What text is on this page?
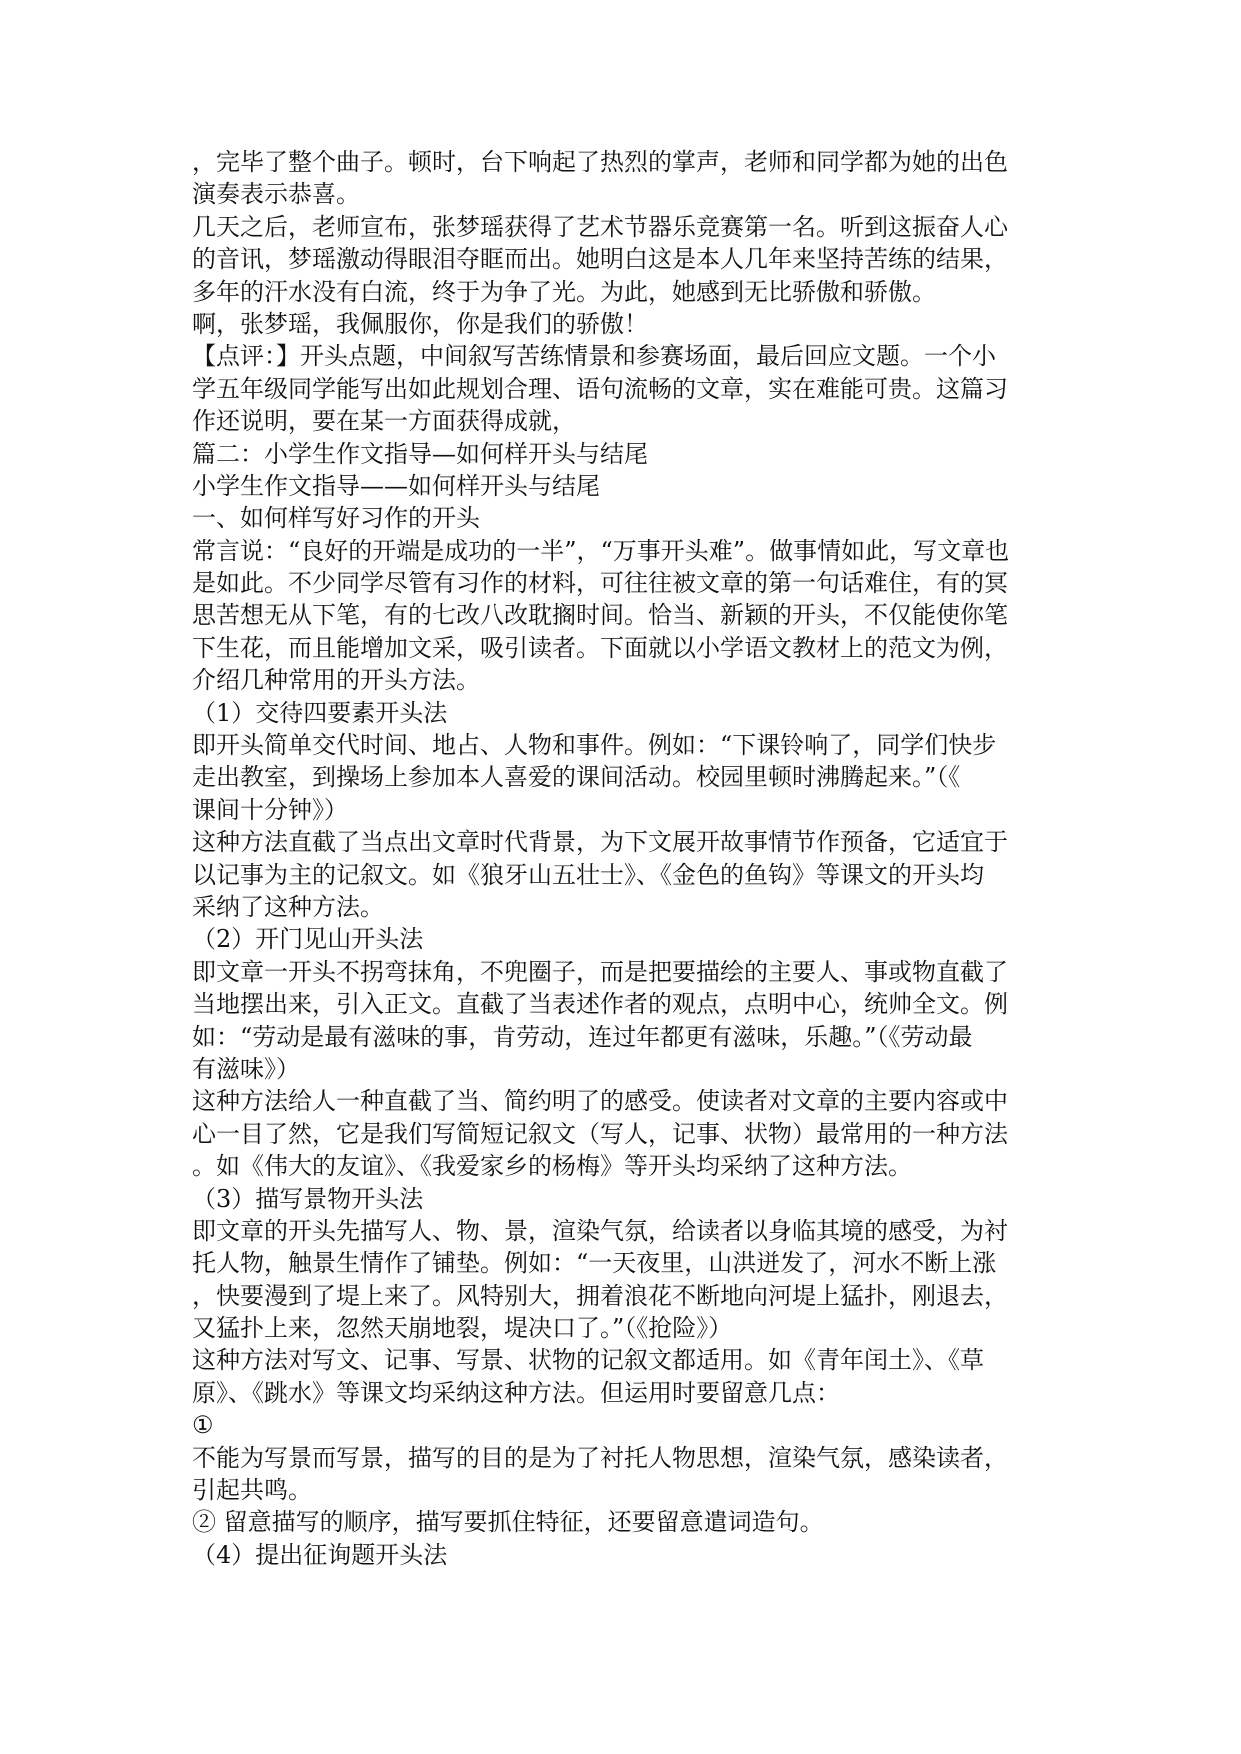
，完毕了整个曲子。顿时，台下响起了热烈的掌声，老师和同学都为她的出色
演奏表示恭喜。
几天之后，老师宣布，张梦瑶获得了艺术节器乐竞赛第一名。听到这振奋人心
的音讯，梦瑶激动得眼泪夺眶而出。她明白这是本人几年来坚持苦练的结果，
多年的汗水没有白流，终于为争了光。为此，她感到无比骄傲和骄傲。
啊，张梦瑶，我佩服你，你是我们的骄傲！
【点评：】开头点题，中间叙写苦练情景和参赛场面，最后回应文题。一个小
学五年级同学能写出如此规划合理、语句流畅的文章，实在难能可贵。这篇习
作还说明，要在某一方面获得成就，
篇二：小学生作文指导—如何样开头与结尾
小学生作文指导——如何样开头与结尾
一、如何样写好习作的开头
常言说：“良好的开端是成功的一半”，“万事开头难”。做事情如此，写文章也
是如此。不少同学尽管有习作的材料，可往往被文章的第一句话难住，有的冥
思苦想无从下笔，有的七改八改耽搁时间。恰当、新颖的开头，不仅能使你笔
下生花，而且能增加文采，吸引读者。下面就以小学语文教材上的范文为例，
介绍几种常用的开头方法。
（1）交待四要素开头法
即开头简单交代时间、地占、人物和事件。例如：“下课铃响了，同学们快步
走出教室，到操场上参加本人喜爱的课间活动。校园里顿时沸腾起来。”（《
课间十分钟》）
这种方法直截了当点出文章时代背景，为下文展开故事情节作预备，它适宜于
以记事为主的记叙文。如《狼牙山五壮士》、《金色的鱼钩》等课文的开头均
采纳了这种方法。
（2）开门见山开头法
即文章一开头不拐弯抹角，不兜圈子，而是把要描绘的主要人、事或物直截了
当地摆出来，引入正文。直截了当表述作者的观点，点明中心，统帅全文。例
如：“劳动是最有滋味的事，肯劳动，连过年都更有滋味，乐趣。”（《劳动最
有滋味》）
这种方法给人一种直截了当、简约明了的感受。使读者对文章的主要内容或中
心一目了然，它是我们写简短记叙文（写人，记事、状物）最常用的一种方法
。如《伟大的友谊》、《我爱家乡的杨梅》等开头均采纳了这种方法。
（3）描写景物开头法
即文章的开头先描写人、物、景，渲染气氛，给读者以身临其境的感受，为衬
托人物，触景生情作了铺垫。例如：“一天夜里，山洪迸发了，河水不断上涨
，快要漫到了堤上来了。风特别大，拥着浪花不断地向河堤上猛扑，刚退去，
又猛扑上来，忽然天崩地裂，堤决口了。”（《抢险》）
这种方法对写文、记事、写景、状物的记叙文都适用。如《青年闰土》、《草
原》、《跳水》等课文均采纳这种方法。但运用时要留意几点：
①
不能为写景而写景，描写的目的是为了衬托人物思想，渲染气氛，感染读者，
引起共鸣。
② 留意描写的顺序，描写要抓住特征，还要留意遣词造句。
（4）提出征询题开头法
